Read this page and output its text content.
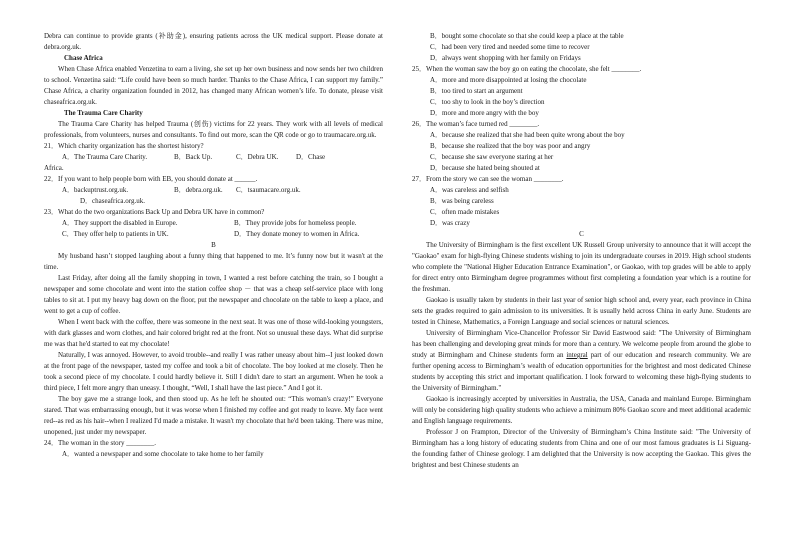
Debra can continue to provide grants (补助金), ensuring patients across the UK medical support. Please donate at debra.org.uk.

Chase Africa

When Chase Africa enabled Venzetina to earn a living, she set up her own business and now sends her two children to school. Venzetina said: “Life could have been so much harder. Thanks to the Chase Africa, I can support my family.” Chase Africa, a charity organization founded in 2012, has changed many African women’s life. To donate, please visit chaseafrica.org.uk.

The Trauma Care Charity

The Trauma Care Charity has helped Trauma (创伤) victims for 22 years. They work with all levels of medical professionals, from volunteers, nurses and consultants. To find out more, scan the QR code or go to traumacare.org.uk.

21．Which charity organization has the shortest history?
A．The Trauma Care Charity.	B．Back Up.	C．Debra UK.	D．Chase
Africa.
22．If you want to help people born with EB, you should donate at ______.
A．backuptrust.org.uk.	B．debra.org.uk.	C．tsaumacare.org.uk.
D．chaseafrica.org.uk.
23．What do the two organizations Back Up and Debra UK have in common?
A．They support the disabled in Europe.	B．They provide jobs for homeless people.
C．They offer help to patients in UK.	D．They donate money to women in Africa.

B

My husband hasn’t stopped laughing about a funny thing that happened to me. It’s funny now but it wasn't at the time.

Last Friday, after doing all the family shopping in town, I wanted a rest before catching the train, so I bought a newspaper and some chocolate and went into the station coffee shop － that was a cheap self-service place with long tables to sit at. I put my heavy bag down on the floor, put the newspaper and chocolate on the table to keep a place, and went to get a cup of coffee.

When I went back with the coffee, there was someone in the next seat. It was one of those wild-looking youngsters, with dark glasses and worn clothes, and hair colored bright red at the front. Not so unusual these days. What did surprise me was that he'd started to eat my chocolate!

Naturally, I was annoyed. However, to avoid trouble--and really I was rather uneasy about him--I just looked down at the front page of the newspaper, tasted my coffee and took a bit of chocolate. The boy looked at me closely. Then he took a second piece of my chocolate. I could hardly believe it. Still I didn't dare to start an argument. When he took a third piece, I felt more angry than uneasy. I thought, “Well, I shall have the last piece.” And I got it.

The boy gave me a strange look, and then stood up. As he left he shouted out: “This woman's crazy!” Everyone stared. That was embarrassing enough, but it was worse when I finished my coffee and got ready to leave. My face went red--as red as his hair--when I realized I'd made a mistake. It wasn't my chocolate that he'd been taking. There was mine, unopened, just under my newspaper.

24．The woman in the story ________.
A．wanted a newspaper and some chocolate to take home to her family
B．bought some chocolate so that she could keep a place at the table
C．had been very tired and needed some time to recover
D．always went shopping with her family on Fridays
25．When the woman saw the boy go on eating the chocolate, she felt ________.
A．more and more disappointed at losing the chocolate
B．too tired to start an argument
C．too shy to look in the boy’s direction
D．more and more angry with the boy
26．The woman’s face turned red ________.
A．because she realized that she had been quite wrong about the boy
B．because she realized that the boy was poor and angry
C．because she saw everyone staring at her
D．because she hated being shouted at
27．From the story we can see the woman ________.
A．was careless and selfish
B．was being careless
C．often made mistakes
D．was crazy

C

The University of Birmingham is the first excellent UK Russell Group university to announce that it will accept the "Gaokao" exam for high-flying Chinese students wishing to join its undergraduate courses in 2019. High school students who complete the "National Higher Education Entrance Examination", or Gaokao, with top grades will be able to apply for direct entry onto Birmingham degree programmes without first completing a foundation year which is a routine for the freshman.

Gaokao is usually taken by students in their last year of senior high school and, every year, each province in China sets the grades required to gain admission to its universities. It is usually held across China in early June. Students are tested in Chinese, Mathematics, a Foreign Language and social sciences or natural sciences.

University of Birmingham Vice-Chancellor Professor Sir David Eastwood said: "The University of Birmingham has been challenging and developing great minds for more than a century. We welcome people from around the globe to study at Birmingham and Chinese students form an integral part of our education and research community. We are further opening access to Birmingham’s wealth of education opportunities for the brightest and most dedicated Chinese students by accepting this strict and important qualification. I look forward to welcoming these high-flying students to the University of Birmingham."

Gaokao is increasingly accepted by universities in Australia, the USA, Canada and mainland Europe. Birmingham will only be considering high quality students who achieve a minimum 80% Gaokao score and meet additional academic and English language requirements.

Professor J on Frampton, Director of the University of Birmingham’s China Institute said: "The University of Birmingham has a long history of educating students from China and one of our most famous graduates is Li Siguang-the founding father of Chinese geology. I am delighted that the University is now accepting the Gaokao. This gives the brightest and best Chinese students an
